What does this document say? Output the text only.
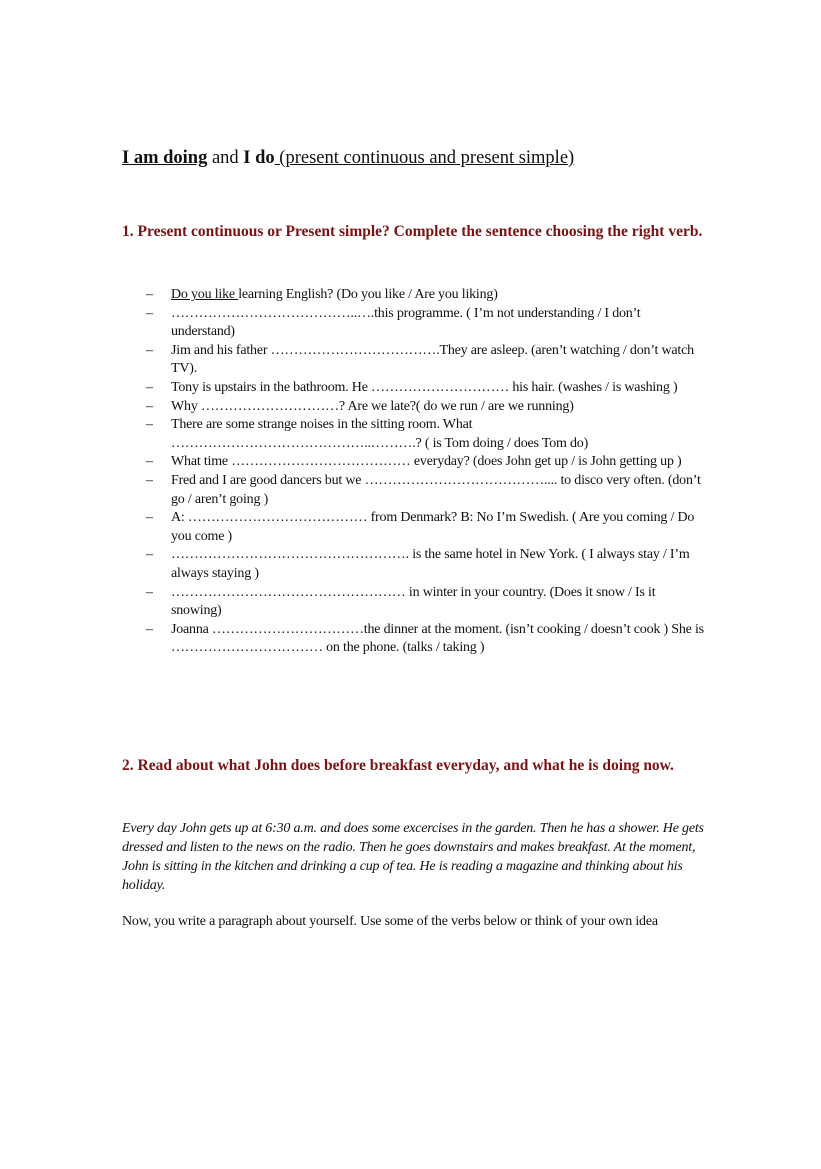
I am doing and I do (present continuous and present simple)
1. Present continuous or Present simple? Complete the sentence choosing the right verb.
– Do you like learning English? (Do you like / Are you liking)
– …………………………………..….this programme. ( I’m not understanding / I don’t understand)
– Jim and his father ……………………………….They are asleep. (aren’t watching / don’t watch TV).
– Tony is upstairs in the bathroom. He ………………………… his hair. (washes / is washing )
– Why …………………………? Are we late?( do we run / are we running)
– There are some strange noises in the sitting room. What ……………………………………..……….? ( is Tom doing / does Tom do)
– What time ………………………………… everyday? (does John get up / is John getting up )
– Fred and I are good dancers but we ………………………………….... to disco very often. (don’t go / aren’t going )
– A: ………………………………… from Denmark? B: No I’m Swedish. ( Are you coming / Do you come )
– ……………………………………………. is the same hotel in New York. ( I always stay / I’m always staying )
– …………………………………………… in winter in your country. (Does it snow / Is it snowing)
– Joanna ……………………………the dinner at the moment. (isn’t cooking / doesn’t cook ) She is …………………………… on the phone. (talks / taking )
2. Read about what John does before breakfast everyday, and what he is doing now.
Every day John gets up at 6:30 a.m. and does some excercises in the garden. Then he has a shower. He gets dressed and listen to the news on the radio. Then he goes downstairs and makes breakfast. At the moment, John is sitting in the kitchen and drinking a cup of tea. He is reading a magazine and thinking about his holiday.
Now, you write a paragraph about yourself. Use some of the verbs below or think of your own idea
